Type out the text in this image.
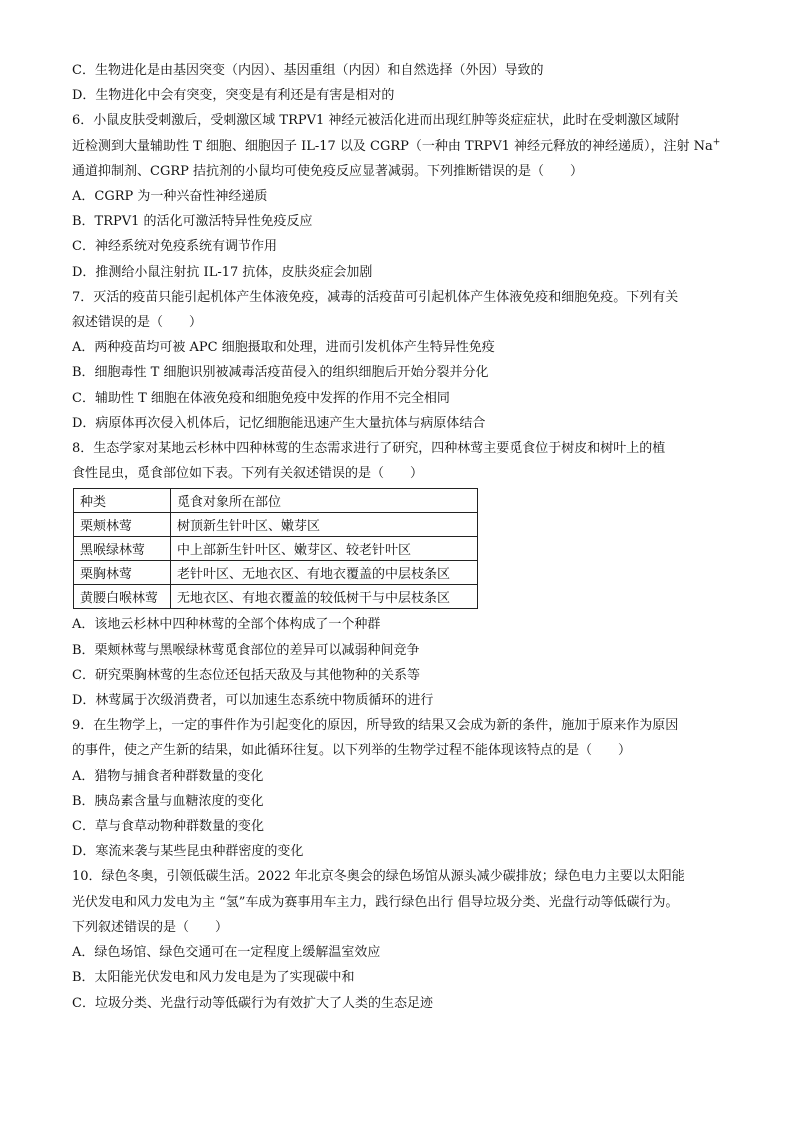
C．生物进化是由基因突变（内因）、基因重组（内因）和自然选择（外因）导致的
D．生物进化中会有突变，突变是有利还是有害是相对的
6．小鼠皮肤受刺激后，受刺激区域 TRPV1 神经元被活化进而出现红肿等炎症症状，此时在受刺激区域附
近检测到大量辅助性 T 细胞、细胞因子 IL-17 以及 CGRP（一种由 TRPV1 神经元释放的神经递质），注射 Na+
通道抑制剂、CGRP 拮抗剂的小鼠均可使免疫反应显著减弱。下列推断错误的是（　　）
A．CGRP 为一种兴奋性神经递质
B．TRPV1 的活化可激活特异性免疫反应
C．神经系统对免疫系统有调节作用
D．推测给小鼠注射抗 IL-17 抗体，皮肤炎症会加剧
7．灭活的疫苗只能引起机体产生体液免疫，减毒的活疫苗可引起机体产生体液免疫和细胞免疫。下列有关
叙述错误的是（　　）
A．两种疫苗均可被 APC 细胞摄取和处理，进而引发机体产生特异性免疫
B．细胞毒性 T 细胞识别被减毒活疫苗侵入的组织细胞后开始分裂并分化
C．辅助性 T 细胞在体液免疫和细胞免疫中发挥的作用不完全相同
D．病原体再次侵入机体后，记忆细胞能迅速产生大量抗体与病原体结合
8．生态学家对某地云杉林中四种林莺的生态需求进行了研究，四种林莺主要觅食位于树皮和树叶上的植
食性昆虫，觅食部位如下表。下列有关叙述错误的是（　　）
种类	觅食对象所在部位
栗颊林莺	树顶新生针叶区、嫩芽区
黑喉绿林莺	中上部新生针叶区、嫩芽区、较老针叶区
栗胸林莺	老针叶区、无地衣区、有地衣覆盖的中层枝条区
黄腰白喉林莺	无地衣区、有地衣覆盖的较低树干与中层枝条区
A．该地云杉林中四种林莺的全部个体构成了一个种群
B．栗颊林莺与黑喉绿林莺觅食部位的差异可以减弱种间竞争
C．研究栗胸林莺的生态位还包括天敌及与其他物种的关系等
D．林莺属于次级消费者，可以加速生态系统中物质循环的进行
9．在生物学上，一定的事件作为引起变化的原因，所导致的结果又会成为新的条件，施加于原来作为原因
的事件，使之产生新的结果，如此循环往复。以下列举的生物学过程不能体现该特点的是（　　）
A．猎物与捕食者种群数量的变化
B．胰岛素含量与血糖浓度的变化
C．草与食草动物种群数量的变化
D．寒流来袭与某些昆虫种群密度的变化
10．绿色冬奥，引领低碳生活。2022 年北京冬奥会的绿色场馆从源头减少碳排放；绿色电力主要以太阳能
光伏发电和风力发电为主 “氢”车成为赛事用车主力，践行绿色出行 倡导垃圾分类、光盘行动等低碳行为。
下列叙述错误的是（　　）
A．绿色场馆、绿色交通可在一定程度上缓解温室效应
B．太阳能光伏发电和风力发电是为了实现碳中和
C．垃圾分类、光盘行动等低碳行为有效扩大了人类的生态足迹
